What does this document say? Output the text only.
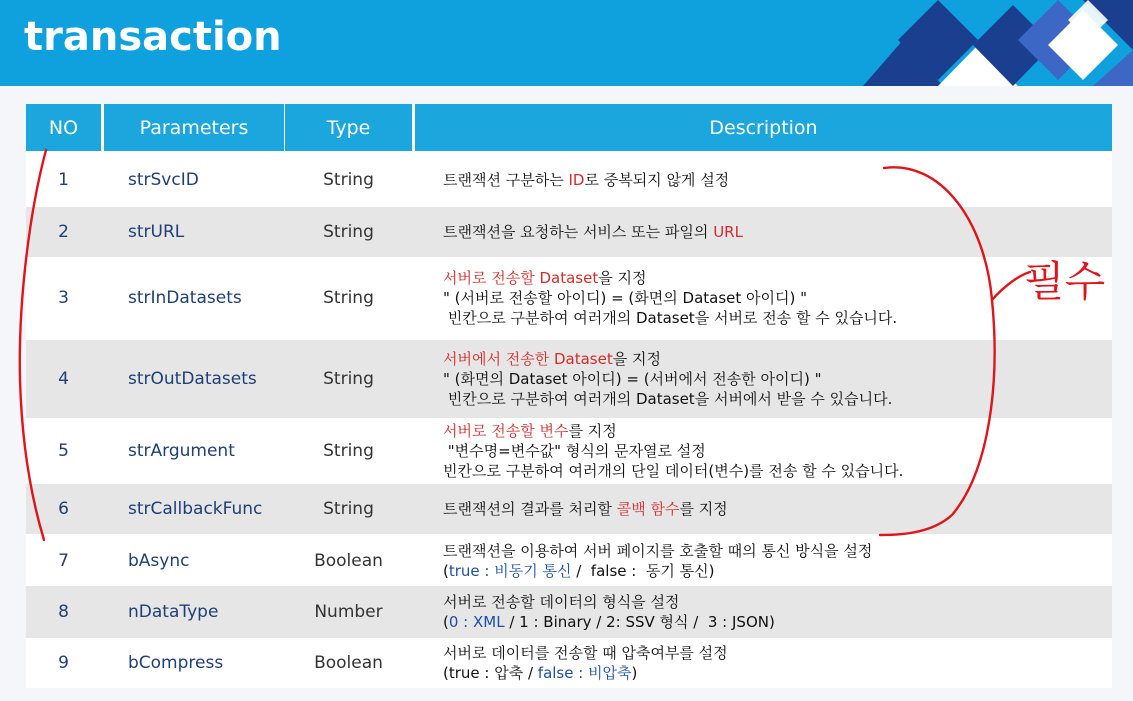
transaction
NO	Parameters	Type	Description
1	strSvcID	String	트랜잭션 구분하는 ID로 중복되지 않게 설정
2	strURL	String	트랜잭션을 요청하는 서비스 또는 파일의 URL
3	strInDatasets	String
서버로 전송할 Dataset을 지정
" (서버로 전송할 아이디) = (화면의 Dataset 아이디) "
빈칸으로 구분하여 여러개의 Dataset을 서버로 전송 할 수 있습니다.
4	strOutDatasets	String
서버에서 전송한 Dataset을 지정
" (화면의 Dataset 아이디) = (서버에서 전송한 아이디) "
빈칸으로 구분하여 여러개의 Dataset을 서버에서 받을 수 있습니다.
5	strArgument	String
서버로 전송할 변수를 지정
"변수명=변수값" 형식의 문자열로 설정
빈칸으로 구분하여 여러개의 단일 데이터(변수)를 전송 할 수 있습니다.
6	strCallbackFunc	String	트랜잭션의 결과를 처리할 콜백 함수를 지정
7	bAsync	Boolean	트랜잭션을 이용하여 서버 페이지를 호출할 때의 통신 방식을 설정
(true : 비동기 통신 /  false :  동기 통신)
8	nDataType	Number	서버로 전송할 데이터의 형식을 설정
(0 : XML / 1 : Binary / 2: SSV 형식 /  3 : JSON)
9	bCompress	Boolean	서버로 데이터를 전송할 때 압축여부를 설정
(true : 압축 / false : 비압축)
필수
